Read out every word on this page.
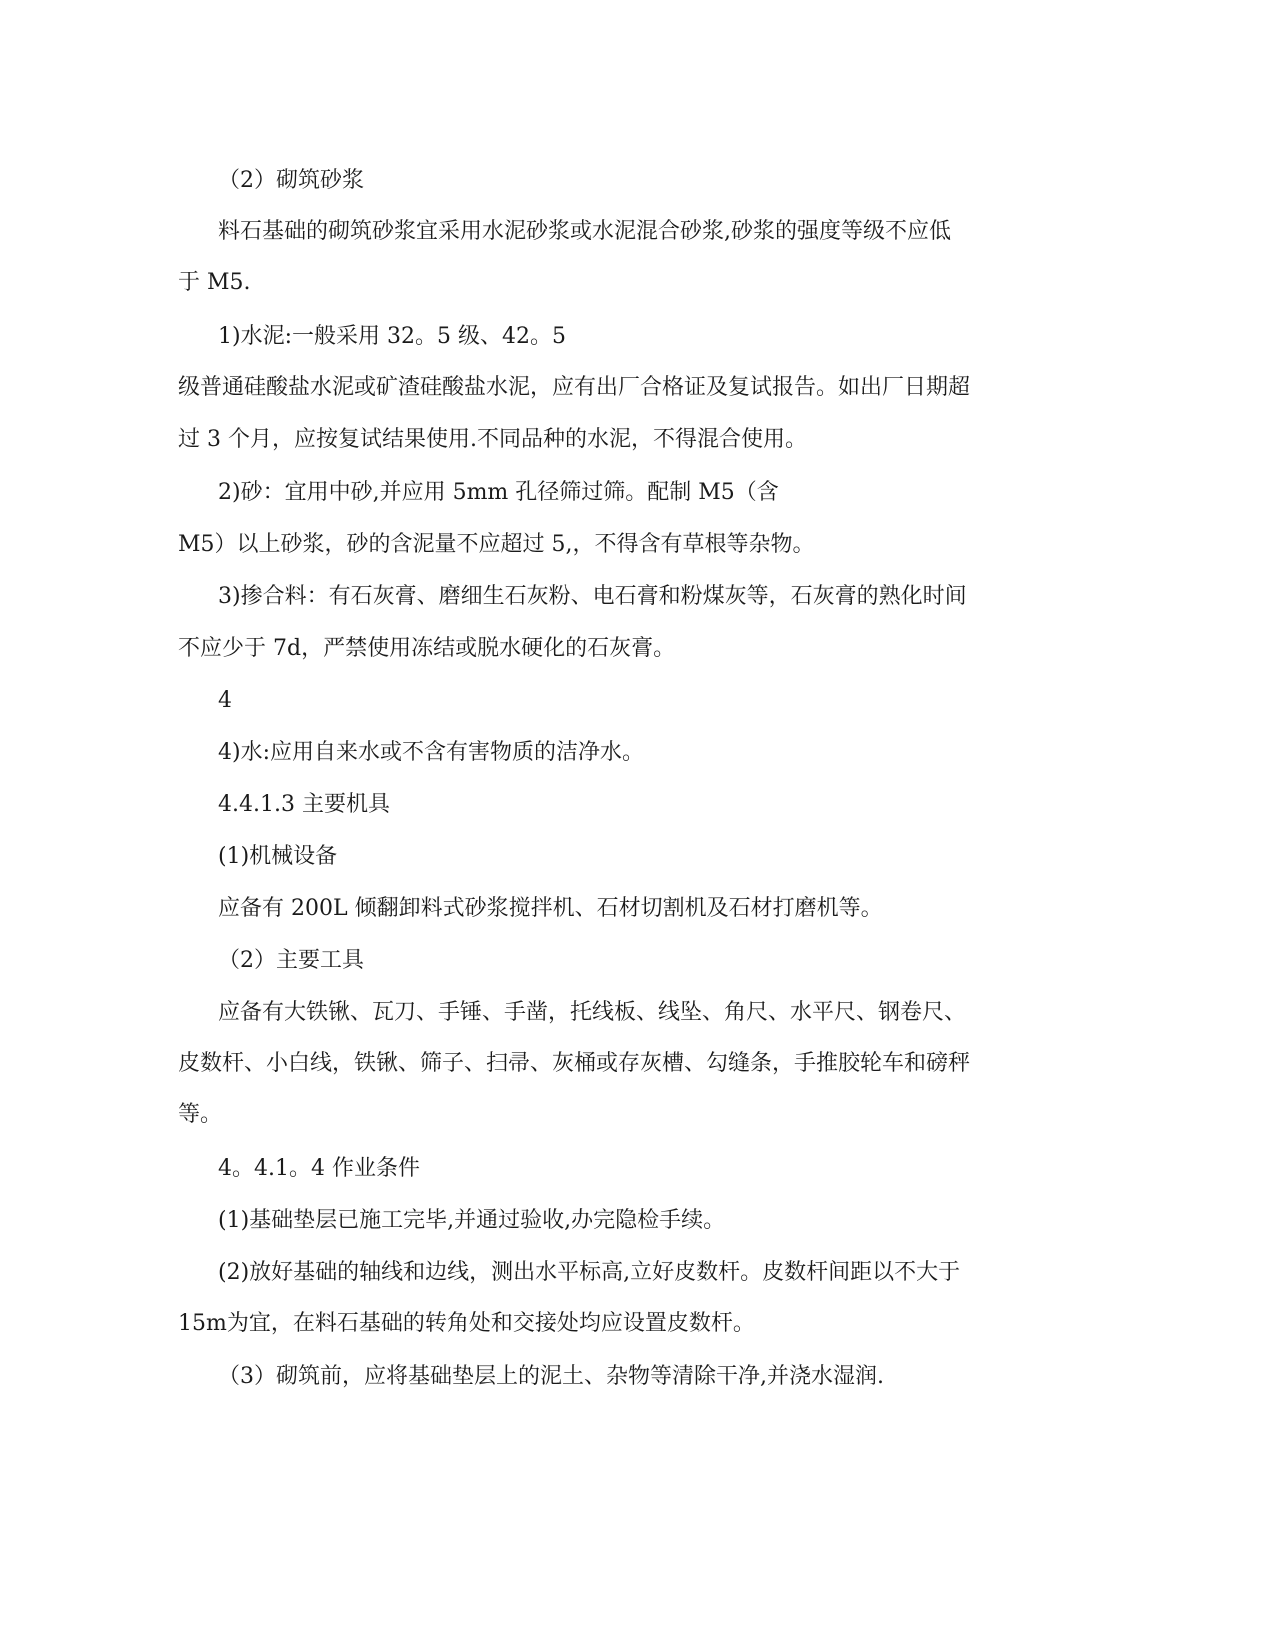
（2）砌筑砂浆

料石基础的砌筑砂浆宜采用水泥砂浆或水泥混合砂浆,砂浆的强度等级不应低

于 M5.

1)水泥:一般采用 32。5 级、42。5

级普通硅酸盐水泥或矿渣硅酸盐水泥，应有出厂合格证及复试报告。如出厂日期超

过 3 个月，应按复试结果使用.不同品种的水泥，不得混合使用。

2)砂：宜用中砂,并应用 5mm 孔径筛过筛。配制 M5（含

M5）以上砂浆，砂的含泥量不应超过 5,，不得含有草根等杂物。

3)掺合料：有石灰膏、磨细生石灰粉、电石膏和粉煤灰等，石灰膏的熟化时间

不应少于 7d，严禁使用冻结或脱水硬化的石灰膏。

4

4)水:应用自来水或不含有害物质的洁净水。

4.4.1.3 主要机具

(1)机械设备

应备有 200L 倾翻卸料式砂浆搅拌机、石材切割机及石材打磨机等。

（2）主要工具

应备有大铁锹、瓦刀、手锤、手凿，托线板、线坠、角尺、水平尺、钢卷尺、

皮数杆、小白线，铁锹、筛子、扫帚、灰桶或存灰槽、勾缝条，手推胶轮车和磅秤

等。

4。4.1。4 作业条件

(1)基础垫层已施工完毕,并通过验收,办完隐检手续。

(2)放好基础的轴线和边线，测出水平标高,立好皮数杆。皮数杆间距以不大于

15m为宜，在料石基础的转角处和交接处均应设置皮数杆。

（3）砌筑前，应将基础垫层上的泥土、杂物等清除干净,并浇水湿润.
